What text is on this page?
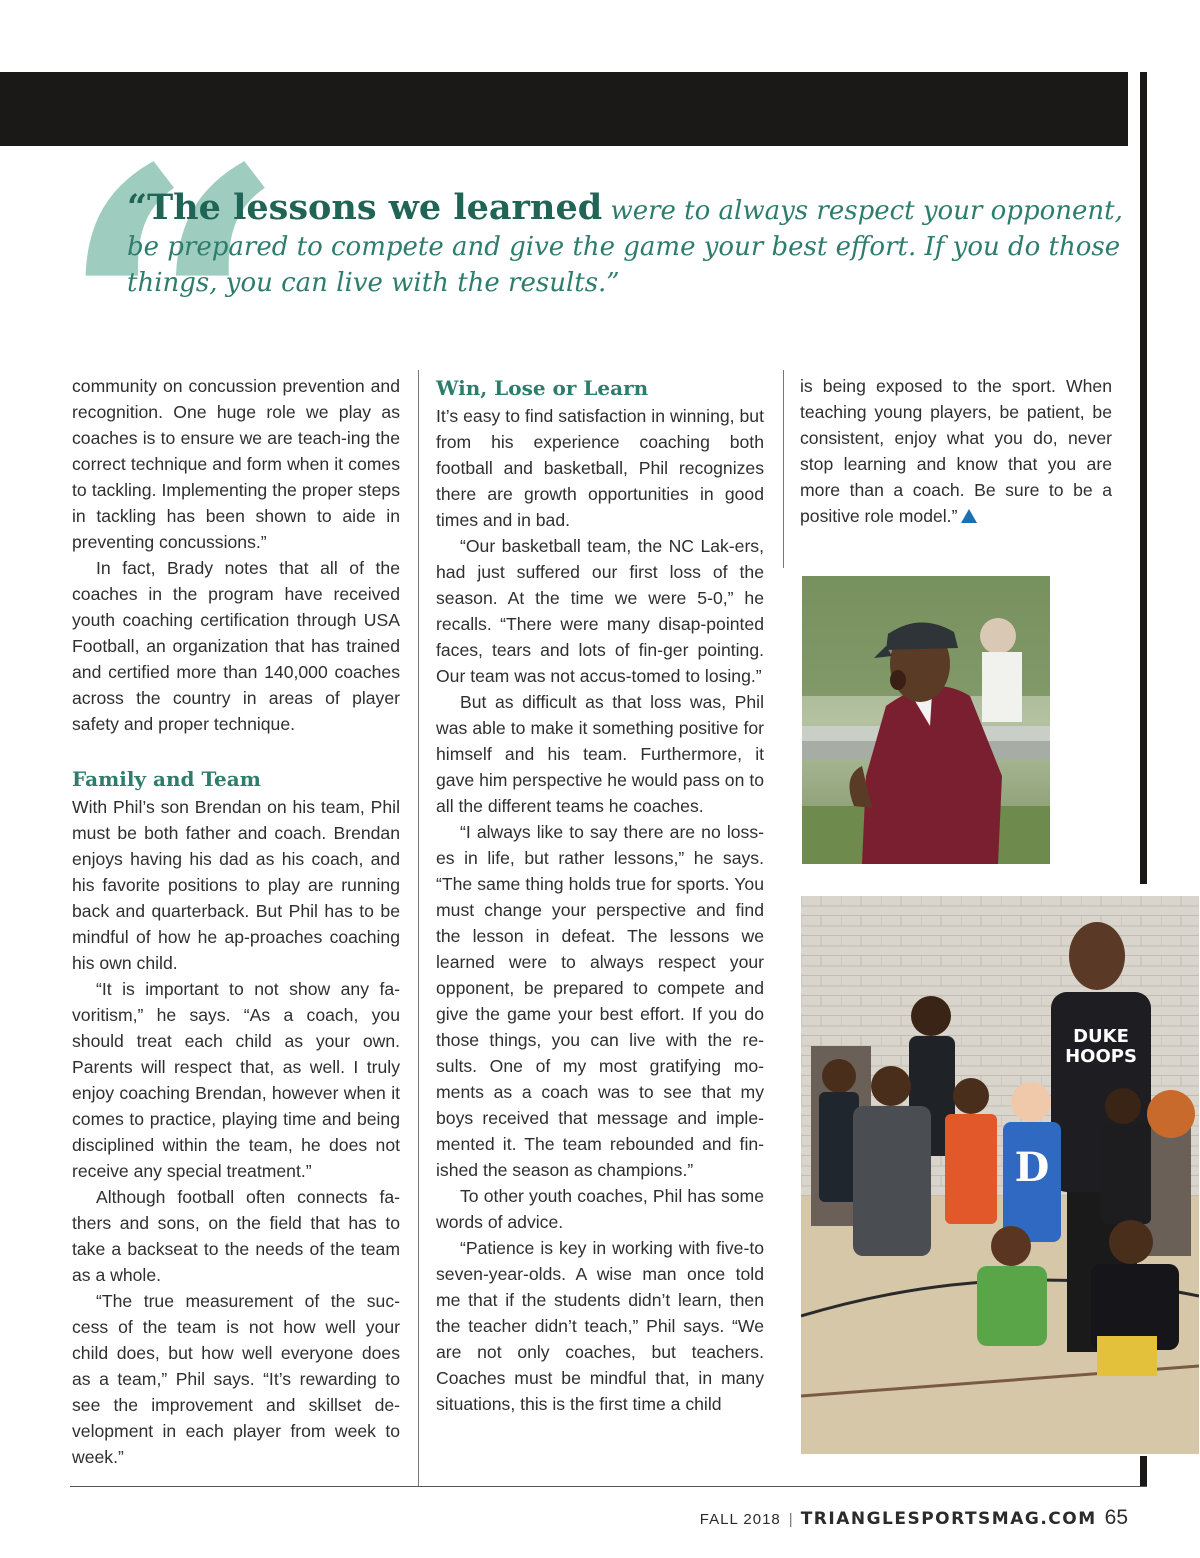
“The lessons we learned were to always respect your opponent, be prepared to compete and give the game your best effort. If you do those things, you can live with the results.”

community on concussion prevention and recognition. One huge role we play as coaches is to ensure we are teach-ing the correct technique and form when it comes to tackling. Implementing the proper steps in tackling has been shown to aide in preventing concussions.”

In fact, Brady notes that all of the coaches in the program have received youth coaching certification through USA Football, an organization that has trained and certified more than 140,000 coaches across the country in areas of player safety and proper technique.

Family and Team

With Phil’s son Brendan on his team, Phil must be both father and coach. Brendan enjoys having his dad as his coach, and his favorite positions to play are running back and quarterback. But Phil has to be mindful of how he ap-proaches coaching his own child.

“It is important to not show any fa-voritism,” he says. “As a coach, you should treat each child as your own. Parents will respect that, as well. I truly enjoy coaching Brendan, however when it comes to practice, playing time and being disciplined within the team, he does not receive any special treatment.”

Although football often connects fa-thers and sons, on the field that has to take a backseat to the needs of the team as a whole.

“The true measurement of the suc-cess of the team is not how well your child does, but how well everyone does as a team,” Phil says. “It’s rewarding to see the improvement and skillset de-velopment in each player from week to week.”

Win, Lose or Learn

It’s easy to find satisfaction in winning, but from his experience coaching both football and basketball, Phil recognizes there are growth opportunities in good times and in bad.

“Our basketball team, the NC Lak-ers, had just suffered our first loss of the season. At the time we were 5-0,” he recalls. “There were many disap-pointed faces, tears and lots of fin-ger pointing. Our team was not accus-tomed to losing.”

But as difficult as that loss was, Phil was able to make it something positive for himself and his team. Furthermore, it gave him perspective he would pass on to all the different teams he coaches.

“I always like to say there are no loss-es in life, but rather lessons,” he says. “The same thing holds true for sports. You must change your perspective and find the lesson in defeat. The lessons we learned were to always respect your opponent, be prepared to compete and give the game your best effort. If you do those things, you can live with the re-sults. One of my most gratifying mo-ments as a coach was to see that my boys received that message and imple-mented it. The team rebounded and fin-ished the season as champions.”

To other youth coaches, Phil has some words of advice.

“Patience is key in working with five-to seven-year-olds. A wise man once told me that if the students didn’t learn, then the teacher didn’t teach,” Phil says. “We are not only coaches, but teachers. Coaches must be mindful that, in many situations, this is the first time a child

is being exposed to the sport. When teaching young players, be patient, be consistent, enjoy what you do, never stop learning and know that you are more than a coach. Be sure to be a positive role model.”

DUKE
HOOPS
D
FALL 2018 | TRIANGLESPORTSMAG.COM 65
